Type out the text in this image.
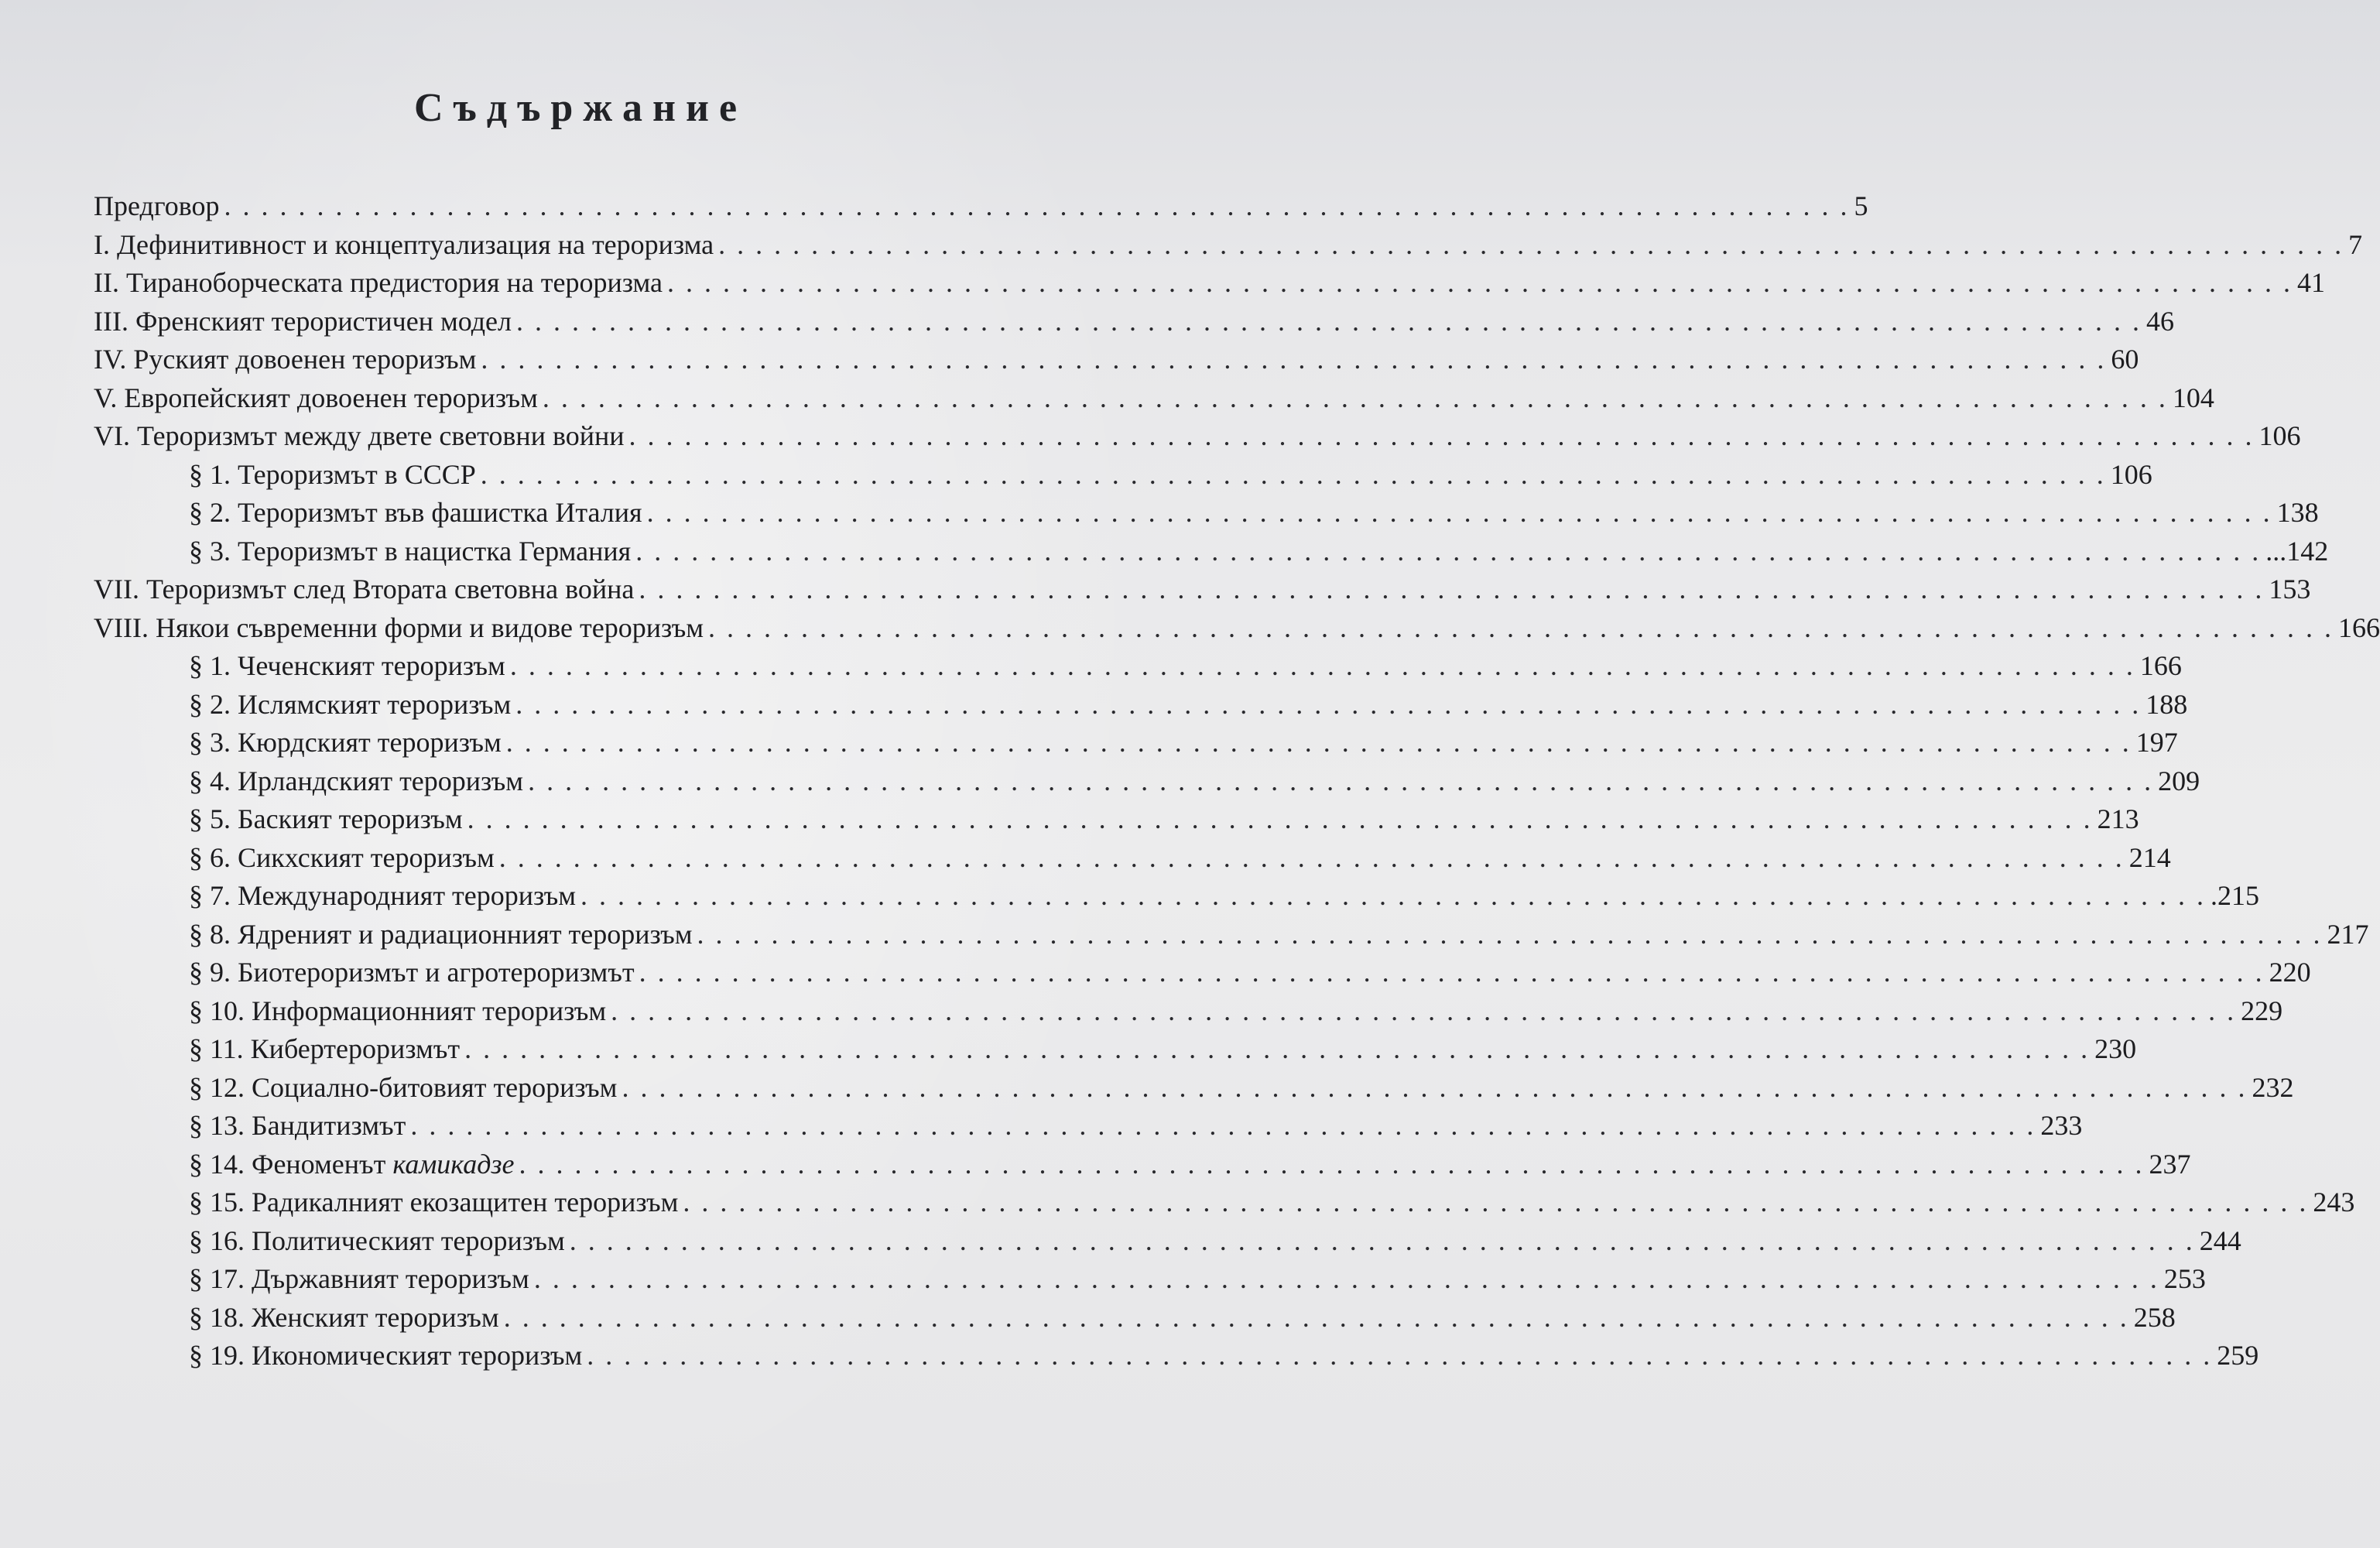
Съдържание
Предговор . . . . . . . . . . . . . . . . . . . . . . . . . . . . . . . . . . . . . . . . . . . . . . . . . . . . . . . . . . . . . . . . . . . . . . . . . . . . . . . . . . . . . . . . 5
I. Дефинитивност и концептуализация на тероризма . . . . . . . . . . . . . . . . . . . . . . . . . . . . . . . . . . . . . . . . . . . . . . . . . . . . . . . . . . . . . . . . . . . . . . . . . . . . . . . . . . . . . . . . 7
II. Тираноборческата предистория на тероризма . . . . . . . . . . . . . . . . . . . . . . . . . . . . . . . . . . . . . . . . . . . . . . . . . . . . . . . . . . . . . . . . . . . . . . . . . . . . . . . . . . . . . . . . 41
III. Френският терористичен модел . . . . . . . . . . . . . . . . . . . . . . . . . . . . . . . . . . . . . . . . . . . . . . . . . . . . . . . . . . . . . . . . . . . . . . . . . . . . . . . . . . . . . . . . 46
IV. Руският довоенен тероризъм . . . . . . . . . . . . . . . . . . . . . . . . . . . . . . . . . . . . . . . . . . . . . . . . . . . . . . . . . . . . . . . . . . . . . . . . . . . . . . . . . . . . . . . . 60
V. Европейският довоенен тероризъм . . . . . . . . . . . . . . . . . . . . . . . . . . . . . . . . . . . . . . . . . . . . . . . . . . . . . . . . . . . . . . . . . . . . . . . . . . . . . . . . . . . . . . . . 104
VI. Тероризмът между двете световни войни . . . . . . . . . . . . . . . . . . . . . . . . . . . . . . . . . . . . . . . . . . . . . . . . . . . . . . . . . . . . . . . . . . . . . . . . . . . . . . . . . . . . . . . . 106
§ 1. Тероризмът в СССР . . . . . . . . . . . . . . . . . . . . . . . . . . . . . . . . . . . . . . . . . . . . . . . . . . . . . . . . . . . . . . . . . . . . . . . . . . . . . . . . . . . . . . . . 106
§ 2. Тероризмът във фашистка Италия . . . . . . . . . . . . . . . . . . . . . . . . . . . . . . . . . . . . . . . . . . . . . . . . . . . . . . . . . . . . . . . . . . . . . . . . . . . . . . . . . . . . . . . . 138
§ 3. Тероризмът в нацистка Германия . . . . . . . . . . . . . . . . . . . . . . . . . . . . . . . . . . . . . . . . . . . . . . . . . . . . . . . . . . . . . . . . . . . . . . . . . . . . . . . . . . . . . . . . ...142
VII. Тероризмът след Втората световна война . . . . . . . . . . . . . . . . . . . . . . . . . . . . . . . . . . . . . . . . . . . . . . . . . . . . . . . . . . . . . . . . . . . . . . . . . . . . . . . . . . . . . . . . 153
VIII. Някои съвременни форми и видове тероризъм . . . . . . . . . . . . . . . . . . . . . . . . . . . . . . . . . . . . . . . . . . . . . . . . . . . . . . . . . . . . . . . . . . . . . . . . . . . . . . . . . . . . . . . . 166
§ 1. Чеченският тероризъм . . . . . . . . . . . . . . . . . . . . . . . . . . . . . . . . . . . . . . . . . . . . . . . . . . . . . . . . . . . . . . . . . . . . . . . . . . . . . . . . . . . . . . . . 166
§ 2. Ислямският тероризъм . . . . . . . . . . . . . . . . . . . . . . . . . . . . . . . . . . . . . . . . . . . . . . . . . . . . . . . . . . . . . . . . . . . . . . . . . . . . . . . . . . . . . . . . 188
§ 3. Кюрдският тероризъм . . . . . . . . . . . . . . . . . . . . . . . . . . . . . . . . . . . . . . . . . . . . . . . . . . . . . . . . . . . . . . . . . . . . . . . . . . . . . . . . . . . . . . . . 197
§ 4. Ирландският тероризъм . . . . . . . . . . . . . . . . . . . . . . . . . . . . . . . . . . . . . . . . . . . . . . . . . . . . . . . . . . . . . . . . . . . . . . . . . . . . . . . . . . . . . . . . 209
§ 5. Баският тероризъм . . . . . . . . . . . . . . . . . . . . . . . . . . . . . . . . . . . . . . . . . . . . . . . . . . . . . . . . . . . . . . . . . . . . . . . . . . . . . . . . . . . . . . . . 213
§ 6. Сикхският тероризъм . . . . . . . . . . . . . . . . . . . . . . . . . . . . . . . . . . . . . . . . . . . . . . . . . . . . . . . . . . . . . . . . . . . . . . . . . . . . . . . . . . . . . . . . 214
§ 7. Международният тероризъм . . . . . . . . . . . . . . . . . . . . . . . . . . . . . . . . . . . . . . . . . . . . . . . . . . . . . . . . . . . . . . . . . . . . . . . . . . . . . . . . . . . . . . . . .215
§ 8. Ядреният и радиационният тероризъм . . . . . . . . . . . . . . . . . . . . . . . . . . . . . . . . . . . . . . . . . . . . . . . . . . . . . . . . . . . . . . . . . . . . . . . . . . . . . . . . . . . . . . . . 217
§ 9. Биотероризмът и агротероризмът . . . . . . . . . . . . . . . . . . . . . . . . . . . . . . . . . . . . . . . . . . . . . . . . . . . . . . . . . . . . . . . . . . . . . . . . . . . . . . . . . . . . . . . . 220
§ 10. Информационният тероризъм . . . . . . . . . . . . . . . . . . . . . . . . . . . . . . . . . . . . . . . . . . . . . . . . . . . . . . . . . . . . . . . . . . . . . . . . . . . . . . . . . . . . . . . . 229
§ 11. Кибертероризмът . . . . . . . . . . . . . . . . . . . . . . . . . . . . . . . . . . . . . . . . . . . . . . . . . . . . . . . . . . . . . . . . . . . . . . . . . . . . . . . . . . . . . . . . 230
§ 12. Социално-битовият тероризъм . . . . . . . . . . . . . . . . . . . . . . . . . . . . . . . . . . . . . . . . . . . . . . . . . . . . . . . . . . . . . . . . . . . . . . . . . . . . . . . . . . . . . . . . 232
§ 13. Бандитизмът . . . . . . . . . . . . . . . . . . . . . . . . . . . . . . . . . . . . . . . . . . . . . . . . . . . . . . . . . . . . . . . . . . . . . . . . . . . . . . . . . . . . . . . . 233
§ 14. Феноменът камикадзе . . . . . . . . . . . . . . . . . . . . . . . . . . . . . . . . . . . . . . . . . . . . . . . . . . . . . . . . . . . . . . . . . . . . . . . . . . . . . . . . . . . . . . . . 237
§ 15. Радикалният екозащитен тероризъм . . . . . . . . . . . . . . . . . . . . . . . . . . . . . . . . . . . . . . . . . . . . . . . . . . . . . . . . . . . . . . . . . . . . . . . . . . . . . . . . . . . . . . . . 243
§ 16. Политическият тероризъм . . . . . . . . . . . . . . . . . . . . . . . . . . . . . . . . . . . . . . . . . . . . . . . . . . . . . . . . . . . . . . . . . . . . . . . . . . . . . . . . . . . . . . . . 244
§ 17. Държавният тероризъм . . . . . . . . . . . . . . . . . . . . . . . . . . . . . . . . . . . . . . . . . . . . . . . . . . . . . . . . . . . . . . . . . . . . . . . . . . . . . . . . . . . . . . . . 253
§ 18. Женският тероризъм . . . . . . . . . . . . . . . . . . . . . . . . . . . . . . . . . . . . . . . . . . . . . . . . . . . . . . . . . . . . . . . . . . . . . . . . . . . . . . . . . . . . . . . . 258
§ 19. Икономическият тероризъм . . . . . . . . . . . . . . . . . . . . . . . . . . . . . . . . . . . . . . . . . . . . . . . . . . . . . . . . . . . . . . . . . . . . . . . . . . . . . . . . . . . . . . . . 259
